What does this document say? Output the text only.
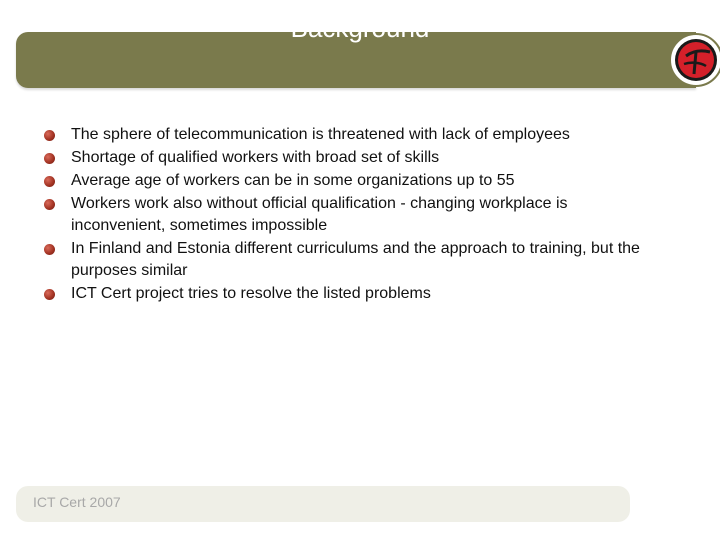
Background
The sphere of telecommunication is threatened with lack of employees
Shortage of qualified workers with broad set of skills
Average age of workers can be in some organizations up to 55
Workers work also without official qualification - changing workplace is inconvenient, sometimes impossible
In Finland and Estonia different curriculums and the approach to training, but the purposes similar
ICT Cert project tries to resolve the listed problems
ICT Cert 2007
